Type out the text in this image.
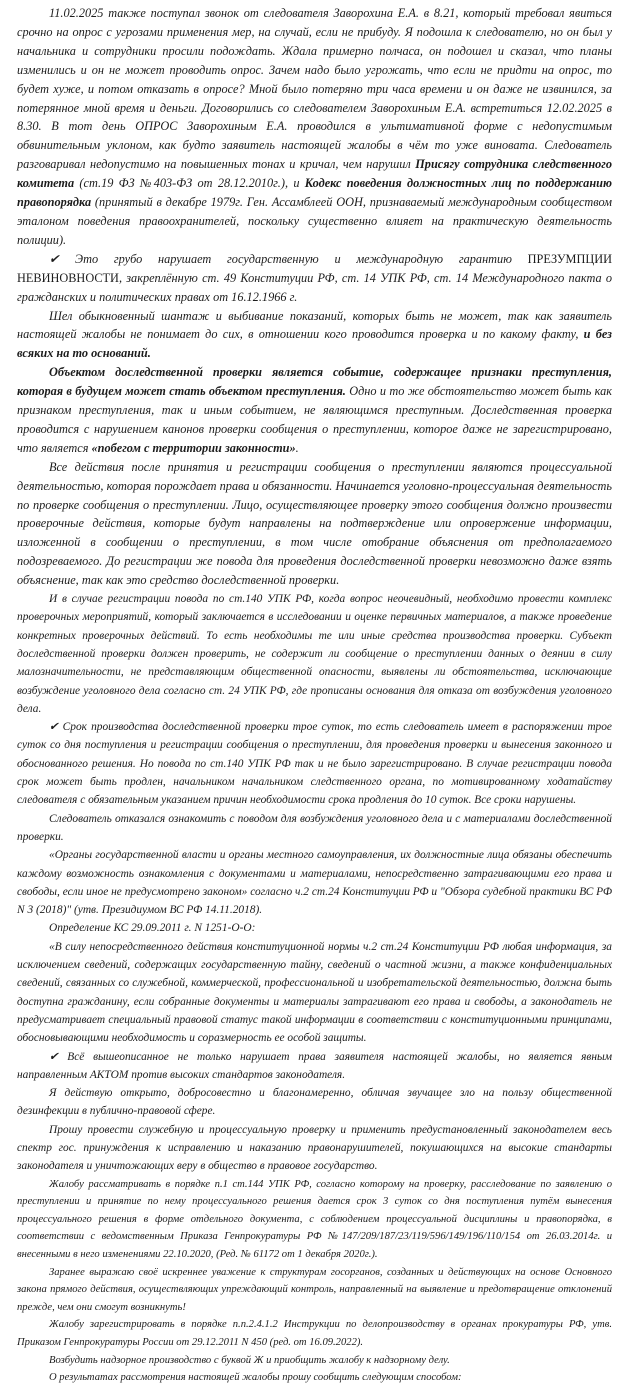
11.02.2025 также поступал звонок от следователя Заворохина Е.А. в 8.21, который требовал явиться срочно на опрос с угрозами применения мер, на случай, если не прибуду. Я подошла к следователю, но он был у начальника и сотрудники просили подождать. Ждала примерно полчаса, он подошел и сказал, что планы изменились и он не может проводить опрос. Зачем надо было угрожать, что если не придти на опрос, то будет хуже, и потом отказать в опросе? Мной было потеряно три часа времени и он даже не извинился, за потерянное мной время и деньги. Договорились со следователем Заворохиным Е.А. встретиться 12.02.2025 в 8.30. В тот день ОПРОС Заворохиным Е.А. проводился в ультимативной форме с недопустимым обвинительным уклоном, как будто заявитель настоящей жалобы в чём то уже виновата. Следователь разговаривал недопустимо на повышенных тонах и кричал, чем нарушил Присягу сотрудника следственного комитета (ст.19 ФЗ №403-ФЗ от 28.12.2010г.), и Кодекс поведения должностных лиц по поддержанию правопорядка (принятый в декабре 1979г. Ген. Ассамблеей ООН, признаваемый международным сообществом эталоном поведения правоохранителей, поскольку существенно влияет на практическую деятельность полиции).

✔ Это грубо нарушает государственную и международную гарантию ПРЕЗУМПЦИИ НЕВИНОВНОСТИ, закреплённую ст. 49 Конституции РФ, ст. 14 УПК РФ, ст. 14 Международного пакта о гражданских и политических правах от 16.12.1966 г.

Шел обыкновенный шантаж и выбивание показаний, которых быть не может, так как заявитель настоящей жалобы не понимает до сих, в отношении кого проводится проверка и по какому факту, и без всяких на то оснований.

Объектом доследственной проверки является событие, содержащее признаки преступления, которая в будущем может стать объектом преступления. Одно и то же обстоятельство может быть как признаком преступления, так и иным событием, не являющимся преступным. Доследственная проверка проводится с нарушением канонов проверки сообщения о преступлении, которое даже не зарегистрировано, что является «побегом с территории законности».

Все действия после принятия и регистрации сообщения о преступлении являются процессуальной деятельностью, которая порождает права и обязанности. Начинается уголовно-процессуальная деятельность по проверке сообщения о преступлении. Лицо, осуществляющее проверку этого сообщения должно произвести проверочные действия, которые будут направлены на подтверждение или опровержение информации, изложенной в сообщении о преступлении, в том числе отобрание объяснения от предполагаемого подозреваемого. До регистрации же повода для проведения доследственной проверки невозможно даже взять объяснение, так как это средство доследственной проверки.

И в случае регистрации повода по ст.140 УПК РФ, когда вопрос неочевидный, необходимо провести комплекс проверочных мероприятий, который заключается в исследовании и оценке первичных материалов, а также проведение конкретных проверочных действий. То есть необходимы те или иные средства производства проверки. Субъект доследственной проверки должен проверить, не содержит ли сообщение о преступлении данных о деянии в силу малозначительности, не представляющим общественной опасности, выявлены ли обстоятельства, исключающие возбуждение уголовного дела согласно ст. 24 УПК РФ, где прописаны основания для отказа от возбуждения уголовного дела.

✔ Срок производства доследственной проверки трое суток, то есть следователь имеет в распоряжении трое суток со дня поступления и регистрации сообщения о преступлении, для проведения проверки и вынесения законного и обоснованного решения. Но повода по ст.140 УПК РФ так и не было зарегистрировано. В случае регистрации повода срок может быть продлен, начальником начальником следственного органа, по мотивированному ходатайству следователя с обязательным указанием причин необходимости срока продления до 10 суток. Все сроки нарушены.

Следователь отказался ознакомить с поводом для возбуждения уголовного дела и с материалами доследственной проверки.

«Органы государственной власти и органы местного самоуправления, их должностные лица обязаны обеспечить каждому возможность ознакомления с документами и материалами, непосредственно затрагивающими его права и свободы, если иное не предусмотрено законом» согласно ч.2 ст.24 Конституции РФ и "Обзора судебной практики ВС РФ N 3 (2018)" (утв. Президиумом ВС РФ 14.11.2018).

Определение КС 29.09.2011 г. N 1251-О-О:

«В силу непосредственного действия конституционной нормы ч.2 ст.24 Конституции РФ любая информация, за исключением сведений, содержащих государственную тайну, сведений о частной жизни, а также конфиденциальных сведений, связанных со служебной, коммерческой, профессиональной и изобретательской деятельностью, должна быть доступна гражданину, если собранные документы и материалы затрагивают его права и свободы, а законодатель не предусматривает специальный правовой статус такой информации в соответствии с конституционными принципами, обосновывающими необходимость и соразмерность ее особой защиты.

✔ Всё вышеописанное не только нарушает права заявителя настоящей жалобы, но является явным направленным АКТОМ против высоких стандартов законодателя.

Я действую открыто, добросовестно и благонамеренно, обличая звучащее зло на пользу общественной дезинфекции в публично-правовой сфере.

Прошу провести служебную и процессуальную проверку и применить предустановленный законодателем весь спектр гос. принуждения к исправлению и наказанию правонарушителей, покушающихся на высокие стандарты законодателя и уничтожающих веру в общество в правовое государство.

Жалобу рассматривать в порядке п.1 ст.144 УПК РФ, согласно которому на проверку, расследование по заявлению о преступлении и принятие по нему процессуального решения дается срок 3 суток со дня поступления путём вынесения процессуального решения в форме отдельного документа, с соблюдением процессуальной дисциплины и правопорядка, в соответствии с ведомственным Приказа Генпрокуратуры РФ №147/209/187/23/119/596/149/196/110/154 от 26.03.2014г. и внесенными в него изменениями 22.10.2020, (Ред. № 61172 от 1 декабря 2020г.).

Заранее выражаю своё искреннее уважение к структурам госорганов, созданных и действующих на основе Основного закона прямого действия, осуществляющих упреждающий контроль, направленный на выявление и предотвращение отклонений прежде, чем они смогут возникнуть!

Жалобу зарегистрировать в порядке п.п.2.4.1.2 Инструкции по делопроизводству в органах прокуратуры РФ, утв. Приказом Генпрокуратуры России от 29.12.2011 N 450 (ред. от 16.09.2022).

Возбудить надзорное производство с буквой Ж и приобщить жалобу к надзорному делу.

О результатах рассмотрения настоящей жалобы прошу сообщить следующим способом:
